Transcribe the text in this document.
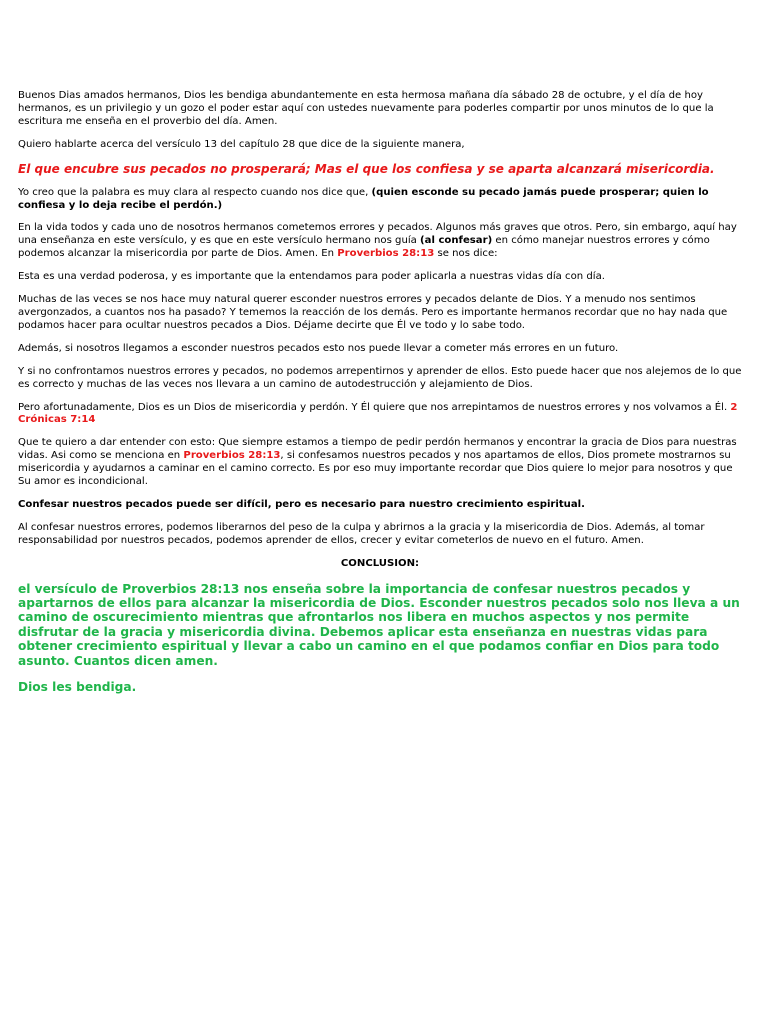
Buenos Dias amados hermanos, Dios les bendiga abundantemente en esta hermosa mañana día sábado 28 de octubre, y el día de hoy hermanos, es un privilegio y un gozo el poder estar aquí con ustedes nuevamente para poderles compartir por unos minutos de lo que la escritura me enseña en el proverbio del día. Amen.

Quiero hablarte acerca del versículo 13 del capítulo 28 que dice de la siguiente manera,

El que encubre sus pecados no prosperará; Mas el que los confiesa y se aparta alcanzará misericordia.

Yo creo que la palabra es muy clara al respecto cuando nos dice que, (quien esconde su pecado jamás puede prosperar; quien lo confiesa y lo deja recibe el perdón.)

En la vida todos y cada uno de nosotros hermanos cometemos errores y pecados. Algunos más graves que otros. Pero, sin embargo, aquí hay una enseñanza en este versículo, y es que en este versículo hermano nos guía (al confesar) en cómo manejar nuestros errores y cómo podemos alcanzar la misericordia por parte de Dios. Amen. En Proverbios 28:13 se nos dice:

Esta es una verdad poderosa, y es importante que la entendamos para poder aplicarla a nuestras vidas día con día.

Muchas de las veces se nos hace muy natural querer esconder nuestros errores y pecados delante de Dios. Y a menudo nos sentimos avergonzados, a cuantos nos ha pasado? Y tememos la reacción de los demás. Pero es importante hermanos recordar que no hay nada que podamos hacer para ocultar nuestros pecados a Dios. Déjame decirte que Él ve todo y lo sabe todo.

Además, si nosotros llegamos a esconder nuestros pecados esto nos puede llevar a cometer más errores en un futuro.

Y si no confrontamos nuestros errores y pecados, no podemos arrepentirnos y aprender de ellos. Esto puede hacer que nos alejemos de lo que es correcto y muchas de las veces nos llevara a un camino de autodestrucción y alejamiento de Dios.

Pero afortunadamente, Dios es un Dios de misericordia y perdón. Y Él quiere que nos arrepintamos de nuestros errores y nos volvamos a Él. 2 Crónicas 7:14

Que te quiero a dar entender con esto: Que siempre estamos a tiempo de pedir perdón hermanos y encontrar la gracia de Dios para nuestras vidas. Asi como se menciona en Proverbios 28:13, si confesamos nuestros pecados y nos apartamos de ellos, Dios promete mostrarnos su misericordia y ayudarnos a caminar en el camino correcto. Es por eso muy importante recordar que Dios quiere lo mejor para nosotros y que Su amor es incondicional.

Confesar nuestros pecados puede ser difícil, pero es necesario para nuestro crecimiento espiritual.

Al confesar nuestros errores, podemos liberarnos del peso de la culpa y abrirnos a la gracia y la misericordia de Dios. Además, al tomar responsabilidad por nuestros pecados, podemos aprender de ellos, crecer y evitar cometerlos de nuevo en el futuro. Amen.

CONCLUSION:

el versículo de Proverbios 28:13 nos enseña sobre la importancia de confesar nuestros pecados y apartarnos de ellos para alcanzar la misericordia de Dios. Esconder nuestros pecados solo nos lleva a un camino de oscurecimiento mientras que afrontarlos nos libera en muchos aspectos y nos permite disfrutar de la gracia y misericordia divina. Debemos aplicar esta enseñanza en nuestras vidas para obtener crecimiento espiritual y llevar a cabo un camino en el que podamos confiar en Dios para todo asunto. Cuantos dicen amen.

Dios les bendiga.
